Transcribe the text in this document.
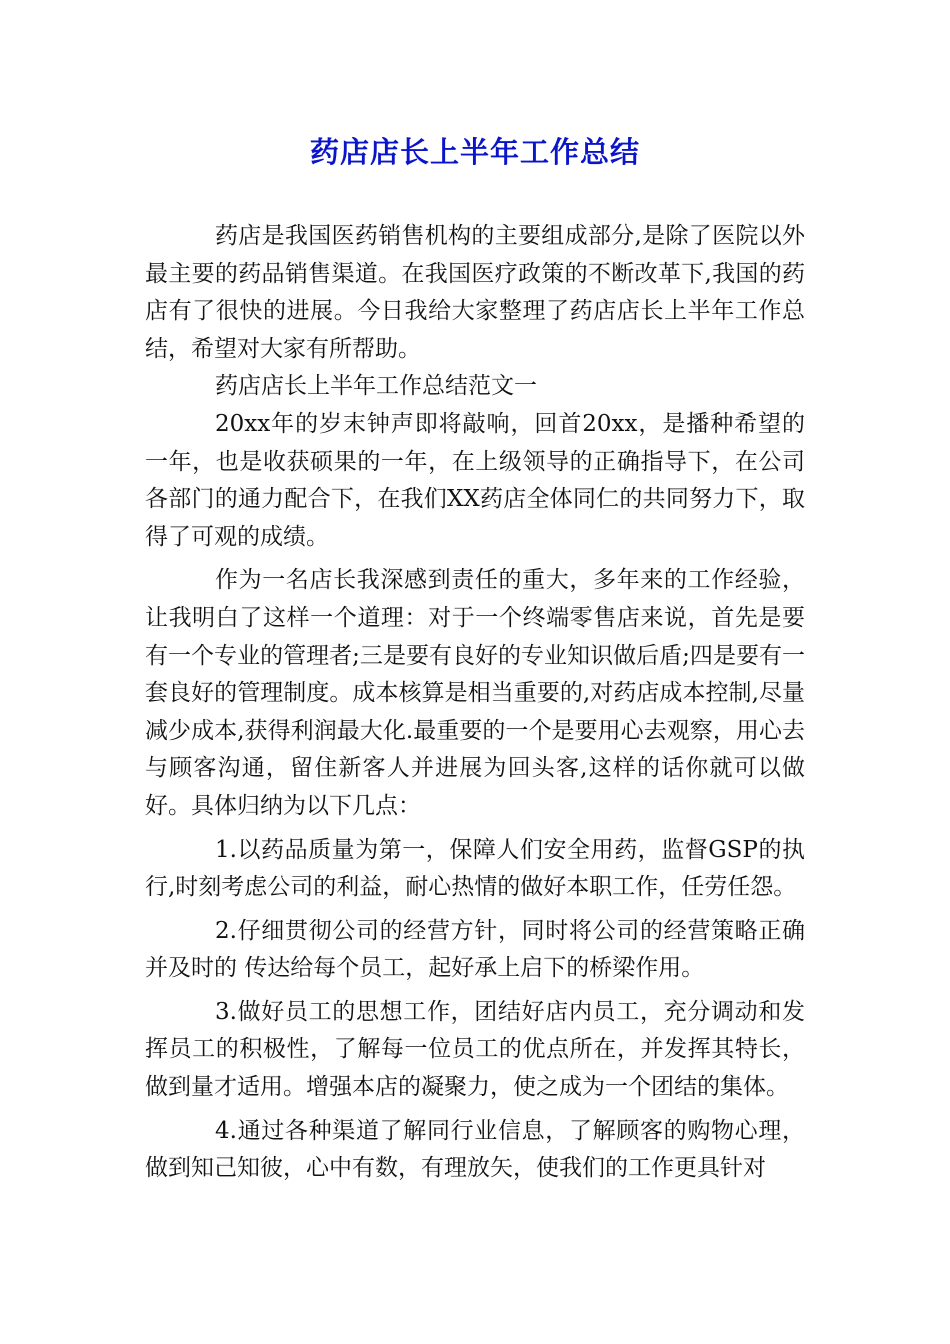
药店店长上半年工作总结

药店是我国医药销售机构的主要组成部分,是除了医院以外最主要的药品销售渠道。在我国医疗政策的不断改革下,我国的药店有了很快的进展。今日我给大家整理了药店店长上半年工作总结，希望对大家有所帮助。

药店店长上半年工作总结范文一

20xx年的岁末钟声即将敲响，回首20xx，是播种希望的一年，也是收获硕果的一年，在上级领导的正确指导下，在公司各部门的通力配合下，在我们XX药店全体同仁的共同努力下，取得了可观的成绩。

作为一名店长我深感到责任的重大，多年来的工作经验，让我明白了这样一个道理：对于一个终端零售店来说，首先是要有一个专业的管理者;三是要有良好的专业知识做后盾;四是要有一套良好的管理制度。成本核算是相当重要的,对药店成本控制,尽量减少成本,获得利润最大化.最重要的一个是要用心去观察，用心去与顾客沟通，留住新客人并进展为回头客,这样的话你就可以做好。具体归纳为以下几点：

1.以药品质量为第一，保障人们安全用药，监督GSP的执行,时刻考虑公司的利益，耐心热情的做好本职工作，任劳任怨。

2.仔细贯彻公司的经营方针，同时将公司的经营策略正确并及时的 传达给每个员工，起好承上启下的桥梁作用。

3.做好员工的思想工作，团结好店内员工，充分调动和发挥员工的积极性，了解每一位员工的优点所在，并发挥其特长，做到量才适用。增强本店的凝聚力，使之成为一个团结的集体。

4.通过各种渠道了解同行业信息，了解顾客的购物心理，做到知己知彼，心中有数，有理放矢，使我们的工作更具针对
